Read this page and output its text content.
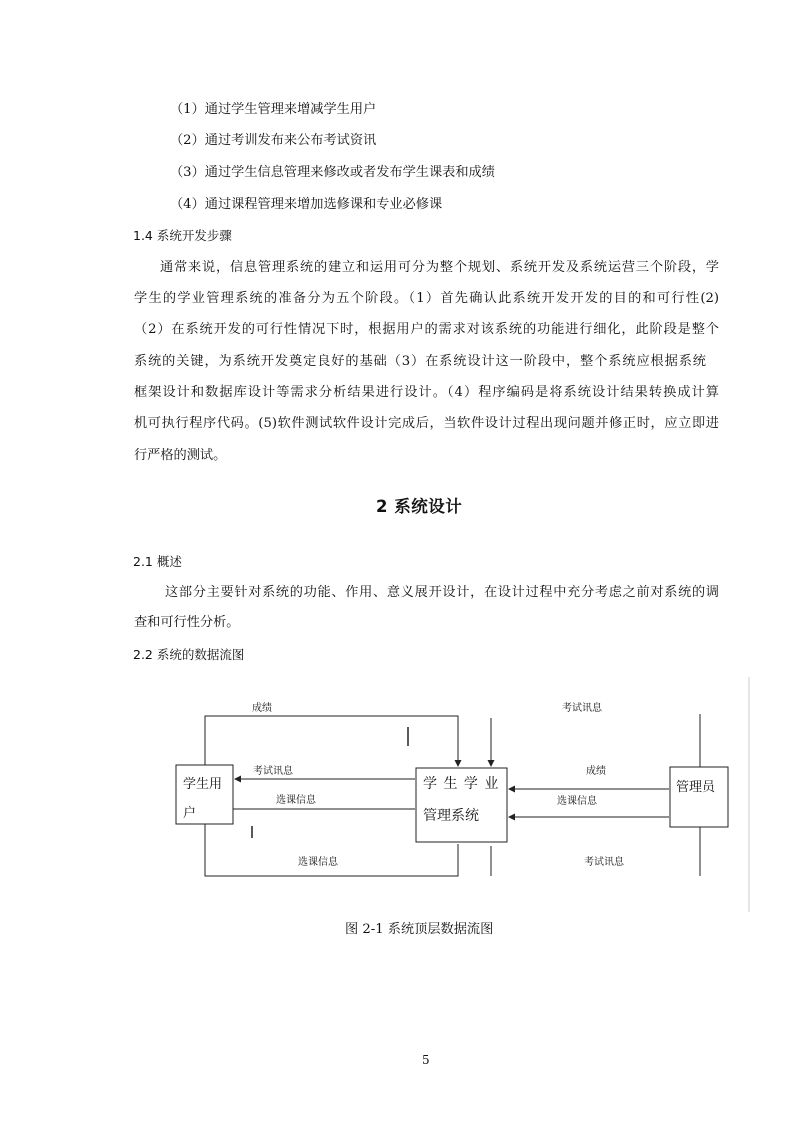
（1）通过学生管理来增减学生用户
（2）通过考训发布来公布考试资讯
（3）通过学生信息管理来修改或者发布学生课表和成绩
（4）通过课程管理来增加选修课和专业必修课
1.4 系统开发步骤
通常来说，信息管理系统的建立和运用可分为整个规划、系统开发及系统运营三个阶段，学
学生的学业管理系统的准备分为五个阶段。（1）首先确认此系统开发开发的目的和可行性(2)
（2）在系统开发的可行性情况下时，根据用户的需求对该系统的功能进行细化，此阶段是整个
系统的关键，为系统开发奠定良好的基础（3）在系统设计这一阶段中，整个系统应根据系统
框架设计和数据库设计等需求分析结果进行设计。（4）程序编码是将系统设计结果转换成计算
机可执行程序代码。(5)软件测试软件设计完成后，当软件设计过程出现问题并修正时，应立即进
行严格的测试。
2 系统设计
2.1 概述
这部分主要针对系统的功能、作用、意义展开设计，在设计过程中充分考虑之前对系统的调
查和可行性分析。
2.2 系统的数据流图
学生用
户
学 生 学 业
管理系统
管理员
成绩	考试讯息
考试讯息
选课信息
选课信息
成绩
选课信息
考试讯息
图 2-1 系统顶层数据流图
5
